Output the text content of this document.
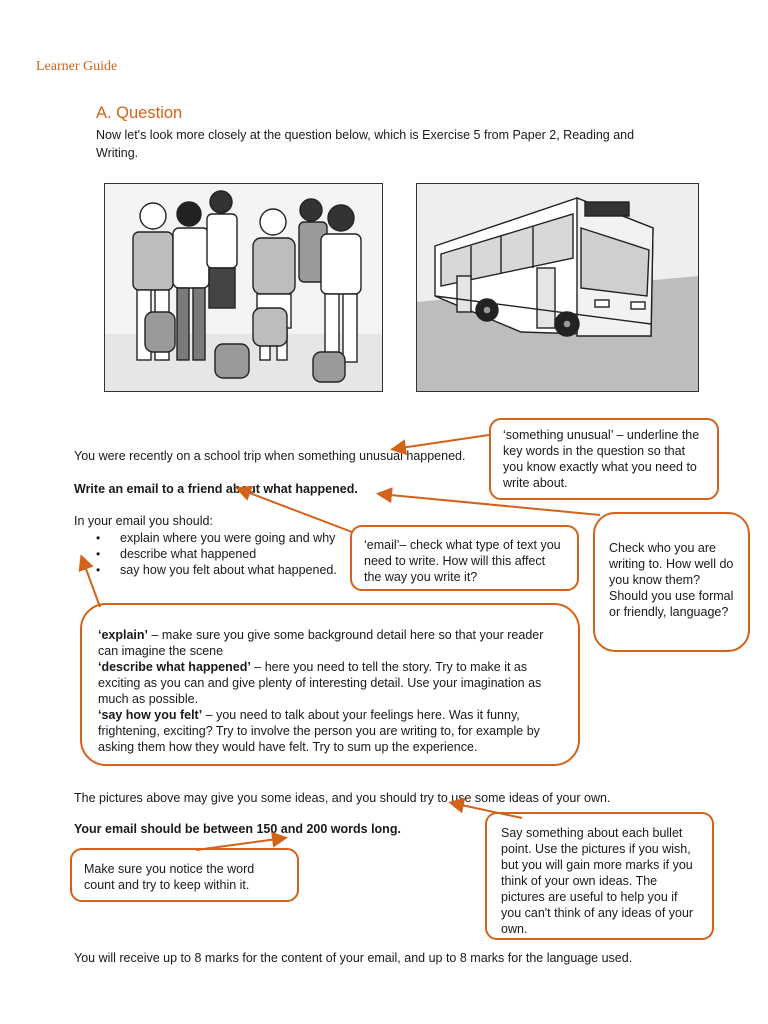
Learner Guide
A. Question
Now let's look more closely at the question below, which is Exercise 5 from Paper 2, Reading and Writing.
You were recently on a school trip when something unusual happened.
Write an email to a friend about what happened.
In your email you should:
• explain where you were going and why
• describe what happened
• say how you felt about what happened.
The pictures above may give you some ideas, and you should try to use some ideas of your own.
Your email should be between 150 and 200 words long.
You will receive up to 8 marks for the content of your email, and up to 8 marks for the language used.
‘something unusual’ – underline the key words in the question so that you know exactly what you need to write about.
‘email’– check what type of text you need to write. How will this affect the way you write it?
Check who you are writing to. How well do you know them? Should you use formal or friendly, language?
‘explain’ – make sure you give some background detail here so that your reader can imagine the scene
‘describe what happened’ – here you need to tell the story. Try to make it as exciting as you can and give plenty of interesting detail. Use your imagination as much as possible.
‘say how you felt’ – you need to talk about your feelings here. Was it funny, frightening, exciting? Try to involve the person you are writing to, for example by asking them how they would have felt. Try to sum up the experience.
Say something about each bullet point. Use the pictures if you wish, but you will gain more marks if you think of your own ideas. The pictures are useful to help you if you can't think of any ideas of your own.
Make sure you notice the word count and try to keep within it.
